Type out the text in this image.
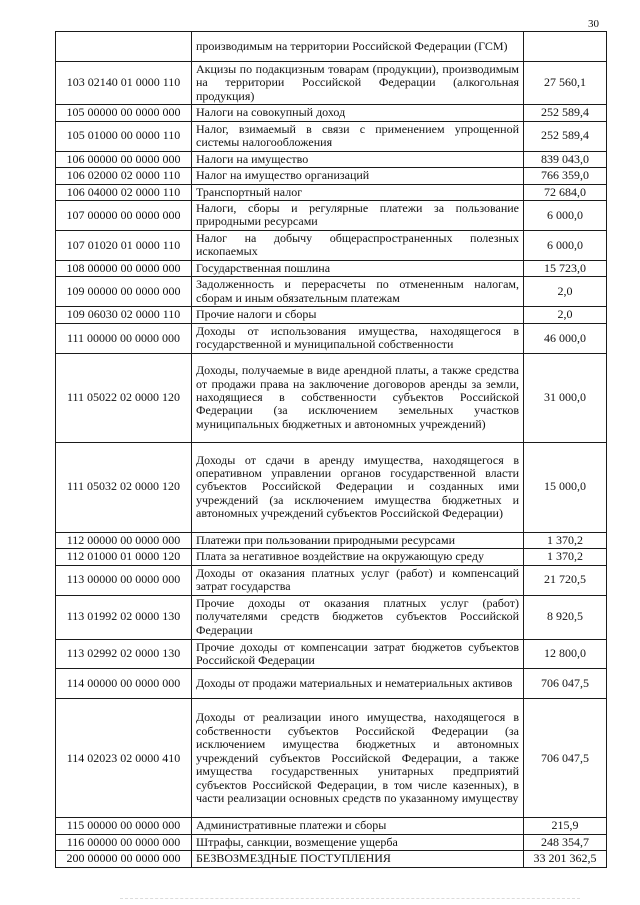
30
	производимым на территории Российской Федерации (ГСМ)	
103 02140 01 0000 110	Акцизы по подакцизным товарам (продукции), производимым на территории Российской Федерации (алкогольная продукция)	27 560,1
105 00000 00 0000 000	Налоги на совокупный доход	252 589,4
105 01000 00 0000 110	Налог, взимаемый в связи с применением упрощенной системы налогообложения	252 589,4
106 00000 00 0000 000	Налоги на имущество	839 043,0
106 02000 02 0000 110	Налог на имущество организаций	766 359,0
106 04000 02 0000 110	Транспортный налог	72 684,0
107 00000 00 0000 000	Налоги, сборы и регулярные платежи за пользование природными ресурсами	6 000,0
107 01020 01 0000 110	Налог на добычу общераспространенных полезных ископаемых	6 000,0
108 00000 00 0000 000	Государственная пошлина	15 723,0
109 00000 00 0000 000	Задолженность и перерасчеты по отмененным налогам, сборам и иным обязательным платежам	2,0
109 06030 02 0000 110	Прочие налоги и сборы	2,0
111 00000 00 0000 000	Доходы от использования имущества, находящегося в государственной и муниципальной собственности	46 000,0
111 05022 02 0000 120	Доходы, получаемые в виде арендной платы, а также средства от продажи права на заключение договоров аренды за земли, находящиеся в собственности субъектов Российской Федерации (за исключением земельных участков муниципальных бюджетных и автономных учреждений)	31 000,0
111 05032 02 0000 120	Доходы от сдачи в аренду имущества, находящегося в оперативном управлении органов государственной власти субъектов Российской Федерации и созданных ими учреждений (за исключением имущества бюджетных и автономных учреждений субъектов Российской Федерации)	15 000,0
112 00000 00 0000 000	Платежи при пользовании природными ресурсами	1 370,2
112 01000 01 0000 120	Плата за негативное воздействие на окружающую среду	1 370,2
113 00000 00 0000 000	Доходы от оказания платных услуг (работ) и компенсаций затрат государства	21 720,5
113 01992 02 0000 130	Прочие доходы от оказания платных услуг (работ) получателями средств бюджетов субъектов Российской Федерации	8 920,5
113 02992 02 0000 130	Прочие доходы от компенсации затрат бюджетов субъектов Российской Федерации	12 800,0
114 00000 00 0000 000	Доходы от продажи материальных и нематериальных активов	706 047,5
114 02023 02 0000 410	Доходы от реализации иного имущества, находящегося в собственности субъектов Российской Федерации (за исключением имущества бюджетных и автономных учреждений субъектов Российской Федерации, а также имущества государственных унитарных предприятий субъектов Российской Федерации, в том числе казенных), в части реализации основных средств по указанному имуществу	706 047,5
115 00000 00 0000 000	Административные платежи и сборы	215,9
116 00000 00 0000 000	Штрафы, санкции, возмещение ущерба	248 354,7
200 00000 00 0000 000	БЕЗВОЗМЕЗДНЫЕ ПОСТУПЛЕНИЯ	33 201 362,5
